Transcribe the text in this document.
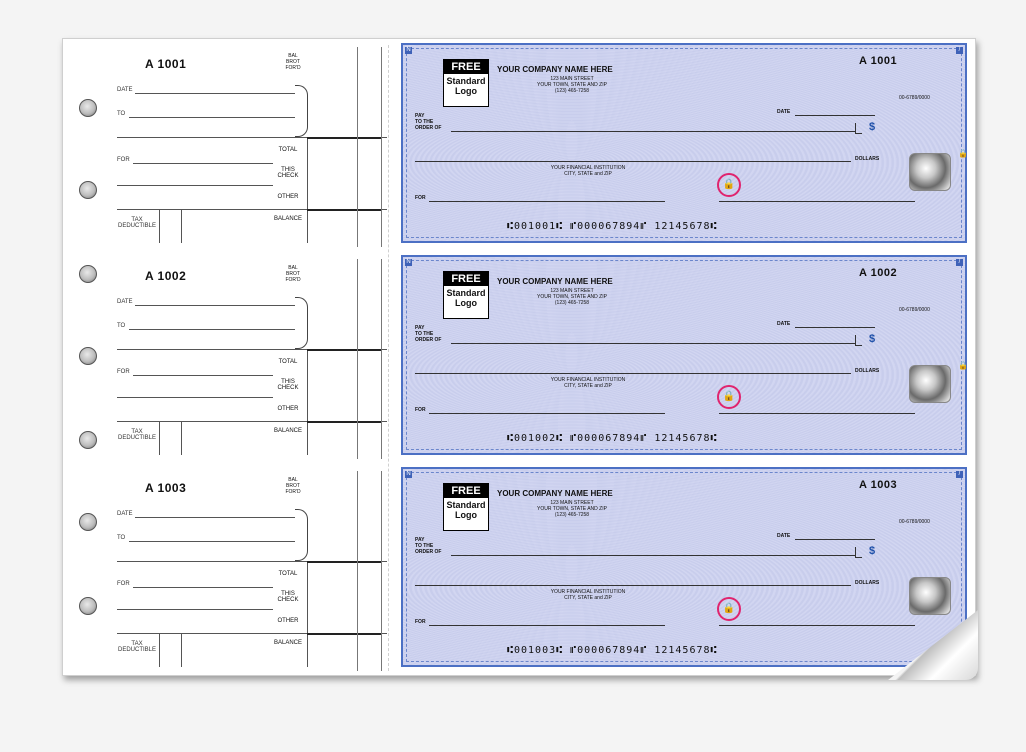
A 1001
BAL BROT FOR'D
DATE
TO
FOR
TAX DEDUCTIBLE
TOTAL
THIS CHECK
OTHER
BALANCE
A 1002
BAL BROT FOR'D
DATE
TO
FOR
TAX DEDUCTIBLE
TOTAL
THIS CHECK
OTHER
BALANCE
A 1003
BAL BROT FOR'D
DATE
TO
FOR
TAX DEDUCTIBLE
TOTAL
THIS CHECK
OTHER
BALANCE
N	/
FREE
Standard
Logo
YOUR COMPANY NAME HERE
123 MAIN STREET
YOUR TOWN, STATE AND ZIP
(123) 465-7258
A 1001
00-6789/0000
DATE
PAY
TO THE
ORDER OF	$
DOLLARS
YOUR FINANCIAL INSTITUTION
CITY, STATE and ZIP
FOR
🔒
🔒
⑆001001⑆ ⑈000067894⑈ 12145678⑆
N	/
FREE
Standard
Logo
YOUR COMPANY NAME HERE
123 MAIN STREET
YOUR TOWN, STATE AND ZIP
(123) 465-7258
A 1002
00-6789/0000
DATE
PAY
TO THE
ORDER OF	$
DOLLARS
YOUR FINANCIAL INSTITUTION
CITY, STATE and ZIP
FOR
🔒
🔒
⑆001002⑆ ⑈000067894⑈ 12145678⑆
N	/
FREE
Standard
Logo
YOUR COMPANY NAME HERE
123 MAIN STREET
YOUR TOWN, STATE AND ZIP
(123) 465-7258
A 1003
00-6789/0000
DATE
PAY
TO THE
ORDER OF	$
DOLLARS
YOUR FINANCIAL INSTITUTION
CITY, STATE and ZIP
FOR
🔒
⑆001003⑆ ⑈000067894⑈ 12145678⑆
